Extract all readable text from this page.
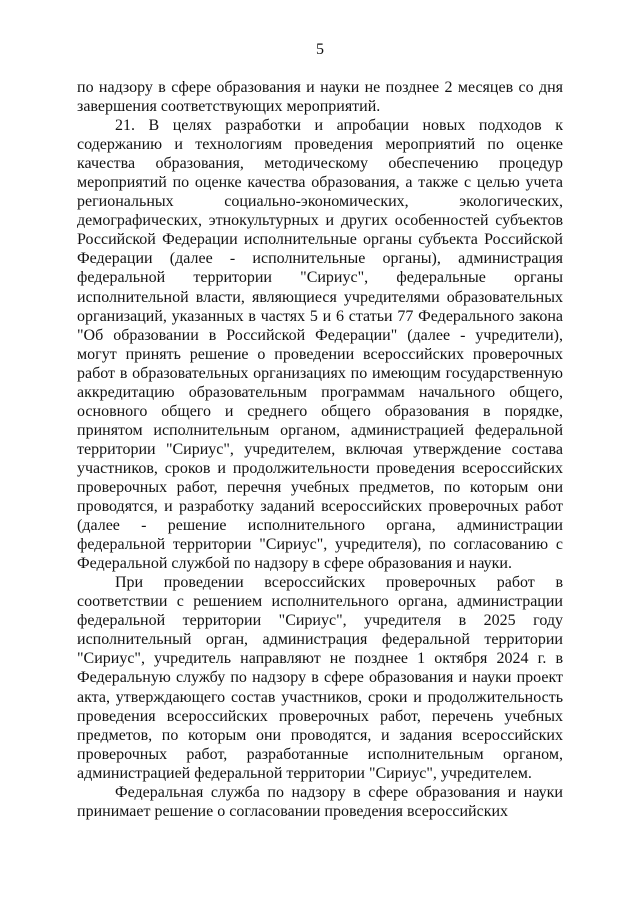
5

по надзору в сфере образования и науки не позднее 2 месяцев со дня завершения соответствующих мероприятий.

21. В целях разработки и апробации новых подходов к содержанию и технологиям проведения мероприятий по оценке качества образования, методическому обеспечению процедур мероприятий по оценке качества образования, а также с целью учета региональных социально-экономических, экологических, демографических, этнокультурных и других особенностей субъектов Российской Федерации исполнительные органы субъекта Российской Федерации (далее - исполнительные органы), администрация федеральной территории "Сириус", федеральные органы исполнительной власти, являющиеся учредителями образовательных организаций, указанных в частях 5 и 6 статьи 77 Федерального закона "Об образовании в Российской Федерации" (далее - учредители), могут принять решение о проведении всероссийских проверочных работ в образовательных организациях по имеющим государственную аккредитацию образовательным программам начального общего, основного общего и среднего общего образования в порядке, принятом исполнительным органом, администрацией федеральной территории "Сириус", учредителем, включая утверждение состава участников, сроков и продолжительности проведения всероссийских проверочных работ, перечня учебных предметов, по которым они проводятся, и разработку заданий всероссийских проверочных работ (далее - решение исполнительного органа, администрации федеральной территории "Сириус", учредителя), по согласованию с Федеральной службой по надзору в сфере образования и науки.

При проведении всероссийских проверочных работ в соответствии с решением исполнительного органа, администрации федеральной территории "Сириус", учредителя в 2025 году исполнительный орган, администрация федеральной территории "Сириус", учредитель направляют не позднее 1 октября 2024 г. в Федеральную службу по надзору в сфере образования и науки проект акта, утверждающего состав участников, сроки и продолжительность проведения всероссийских проверочных работ, перечень учебных предметов, по которым они проводятся, и задания всероссийских проверочных работ, разработанные исполнительным органом, администрацией федеральной территории "Сириус", учредителем.

Федеральная служба по надзору в сфере образования и науки принимает решение о согласовании проведения всероссийских
